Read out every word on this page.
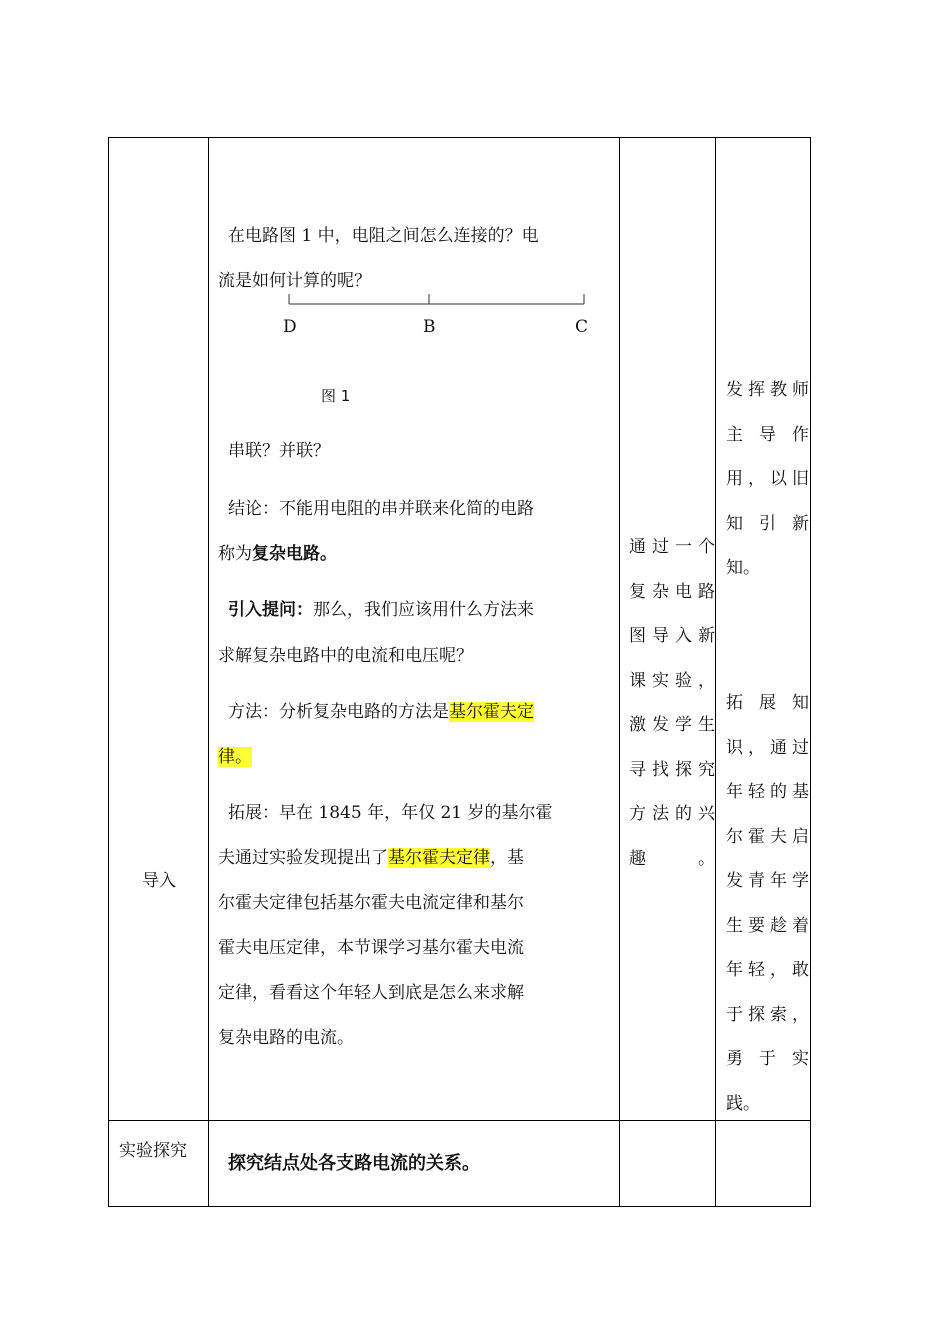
导入
在电路图 1 中，电阻之间怎么连接的？电
流是如何计算的呢？
D	B	C
图 1
串联？并联？
结论：不能用电阻的串并联来化简的电路
称为复杂电路。
引入提问：那么，我们应该用什么方法来
求解复杂电路中的电流和电压呢？
方法：分析复杂电路的方法是基尔霍夫定
律。
拓展：早在 1845 年，年仅 21 岁的基尔霍
夫通过实验发现提出了基尔霍夫定律，基
尔霍夫定律包括基尔霍夫电流定律和基尔
霍夫电压定律，本节课学习基尔霍夫电流
定律，看看这个年轻人到底是怎么来求解
复杂电路的电流。
通过一个
复杂电路
图导入新
课实验，
激发学生
寻找探究
方法的兴
趣　　。
发挥教师
主 导 作
用，以旧
知 引 新
知。
拓 展 知
识，通过
年轻的基
尔霍夫启
发青年学
生要趁着
年轻，敢
于探索，
勇 于 实
践。
实验探究
探究结点处各支路电流的关系。
